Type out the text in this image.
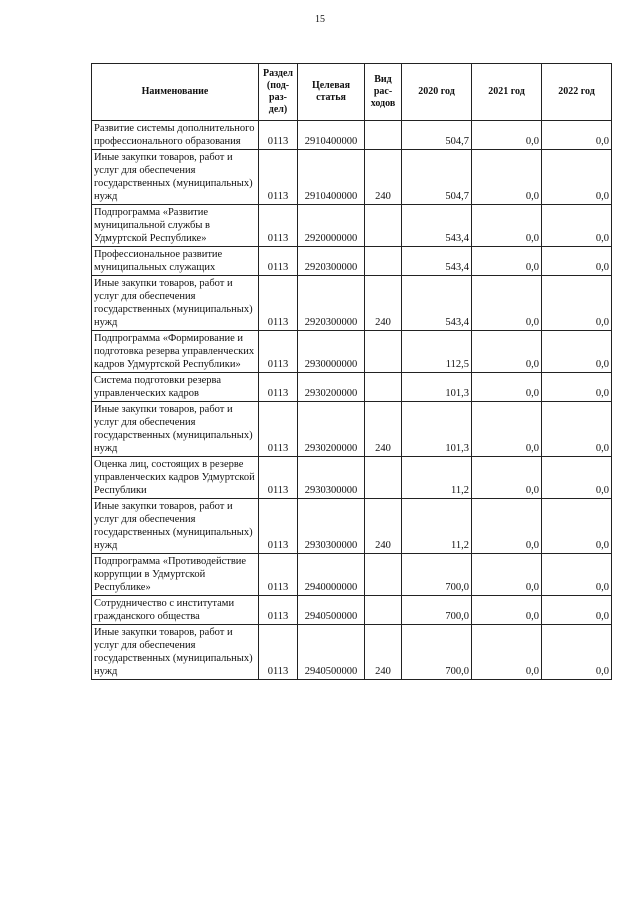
15
Наименование	Раздел (под- раз- дел)	Целевая статья	Вид рас- ходов	2020 год	2021 год	2022 год
Развитие системы дополнительного профессионального образования	0113	2910400000		504,7	0,0	0,0
Иные закупки товаров, работ и услуг для обеспечения государственных (муниципальных) нужд	0113	2910400000	240	504,7	0,0	0,0
Подпрограмма «Развитие муниципальной службы в Удмуртской Республике»	0113	2920000000		543,4	0,0	0,0
Профессиональное развитие муниципальных служащих	0113	2920300000		543,4	0,0	0,0
Иные закупки товаров, работ и услуг для обеспечения государственных (муниципальных) нужд	0113	2920300000	240	543,4	0,0	0,0
Подпрограмма «Формирование и подготовка резерва управленческих кадров Удмуртской Республики»	0113	2930000000		112,5	0,0	0,0
Система подготовки резерва управленческих кадров	0113	2930200000		101,3	0,0	0,0
Иные закупки товаров, работ и услуг для обеспечения государственных (муниципальных) нужд	0113	2930200000	240	101,3	0,0	0,0
Оценка лиц, состоящих в резерве управленческих кадров Удмуртской Республики	0113	2930300000		11,2	0,0	0,0
Иные закупки товаров, работ и услуг для обеспечения государственных (муниципальных) нужд	0113	2930300000	240	11,2	0,0	0,0
Подпрограмма «Противодействие коррупции в Удмуртской Республике»	0113	2940000000		700,0	0,0	0,0
Сотрудничество с институтами гражданского общества	0113	2940500000		700,0	0,0	0,0
Иные закупки товаров, работ и услуг для обеспечения государственных (муниципальных) нужд	0113	2940500000	240	700,0	0,0	0,0
